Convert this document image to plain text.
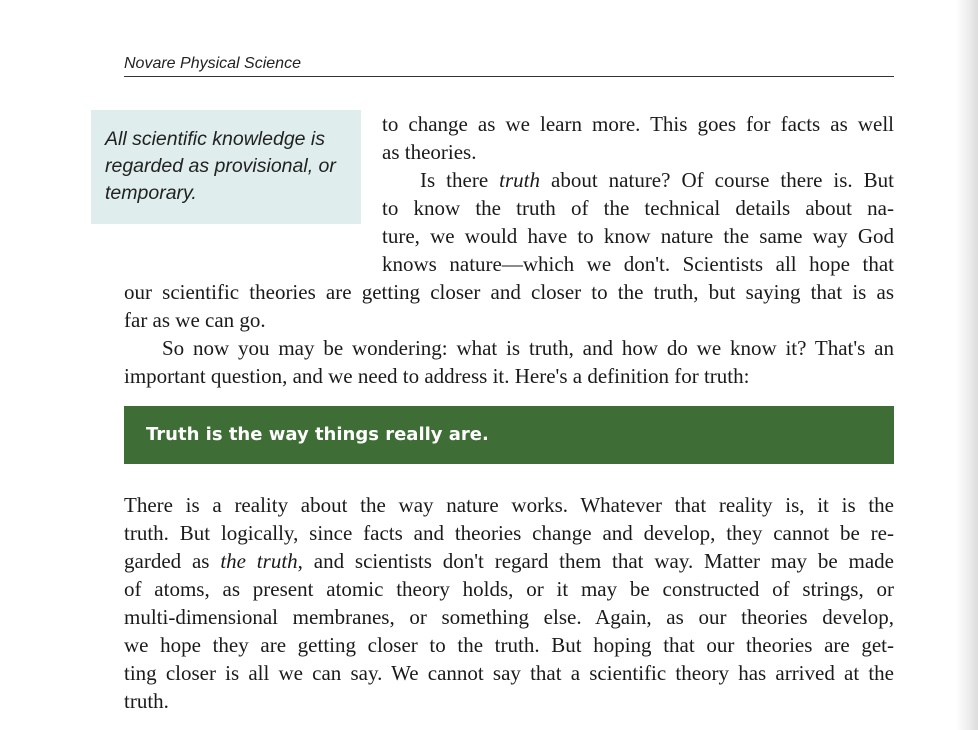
Novare Physical Science
All scientific knowledge is regarded as provisional, or temporary.
to change as we learn more. This goes for facts as well
as theories.
Is there truth about nature? Of course there is. But
to know the truth of the technical details about na-
ture, we would have to know nature the same way God
knows nature—which we don't. Scientists all hope that
our scientific theories are getting closer and closer to the truth, but saying that is as
far as we can go.
So now you may be wondering: what is truth, and how do we know it? That's an
important question, and we need to address it. Here's a definition for truth:
Truth is the way things really are.
There is a reality about the way nature works. Whatever that reality is, it is the
truth. But logically, since facts and theories change and develop, they cannot be re-
garded as the truth, and scientists don't regard them that way. Matter may be made
of atoms, as present atomic theory holds, or it may be constructed of strings, or
multi-dimensional membranes, or something else. Again, as our theories develop,
we hope they are getting closer to the truth. But hoping that our theories are get-
ting closer is all we can say. We cannot say that a scientific theory has arrived at the
truth.
